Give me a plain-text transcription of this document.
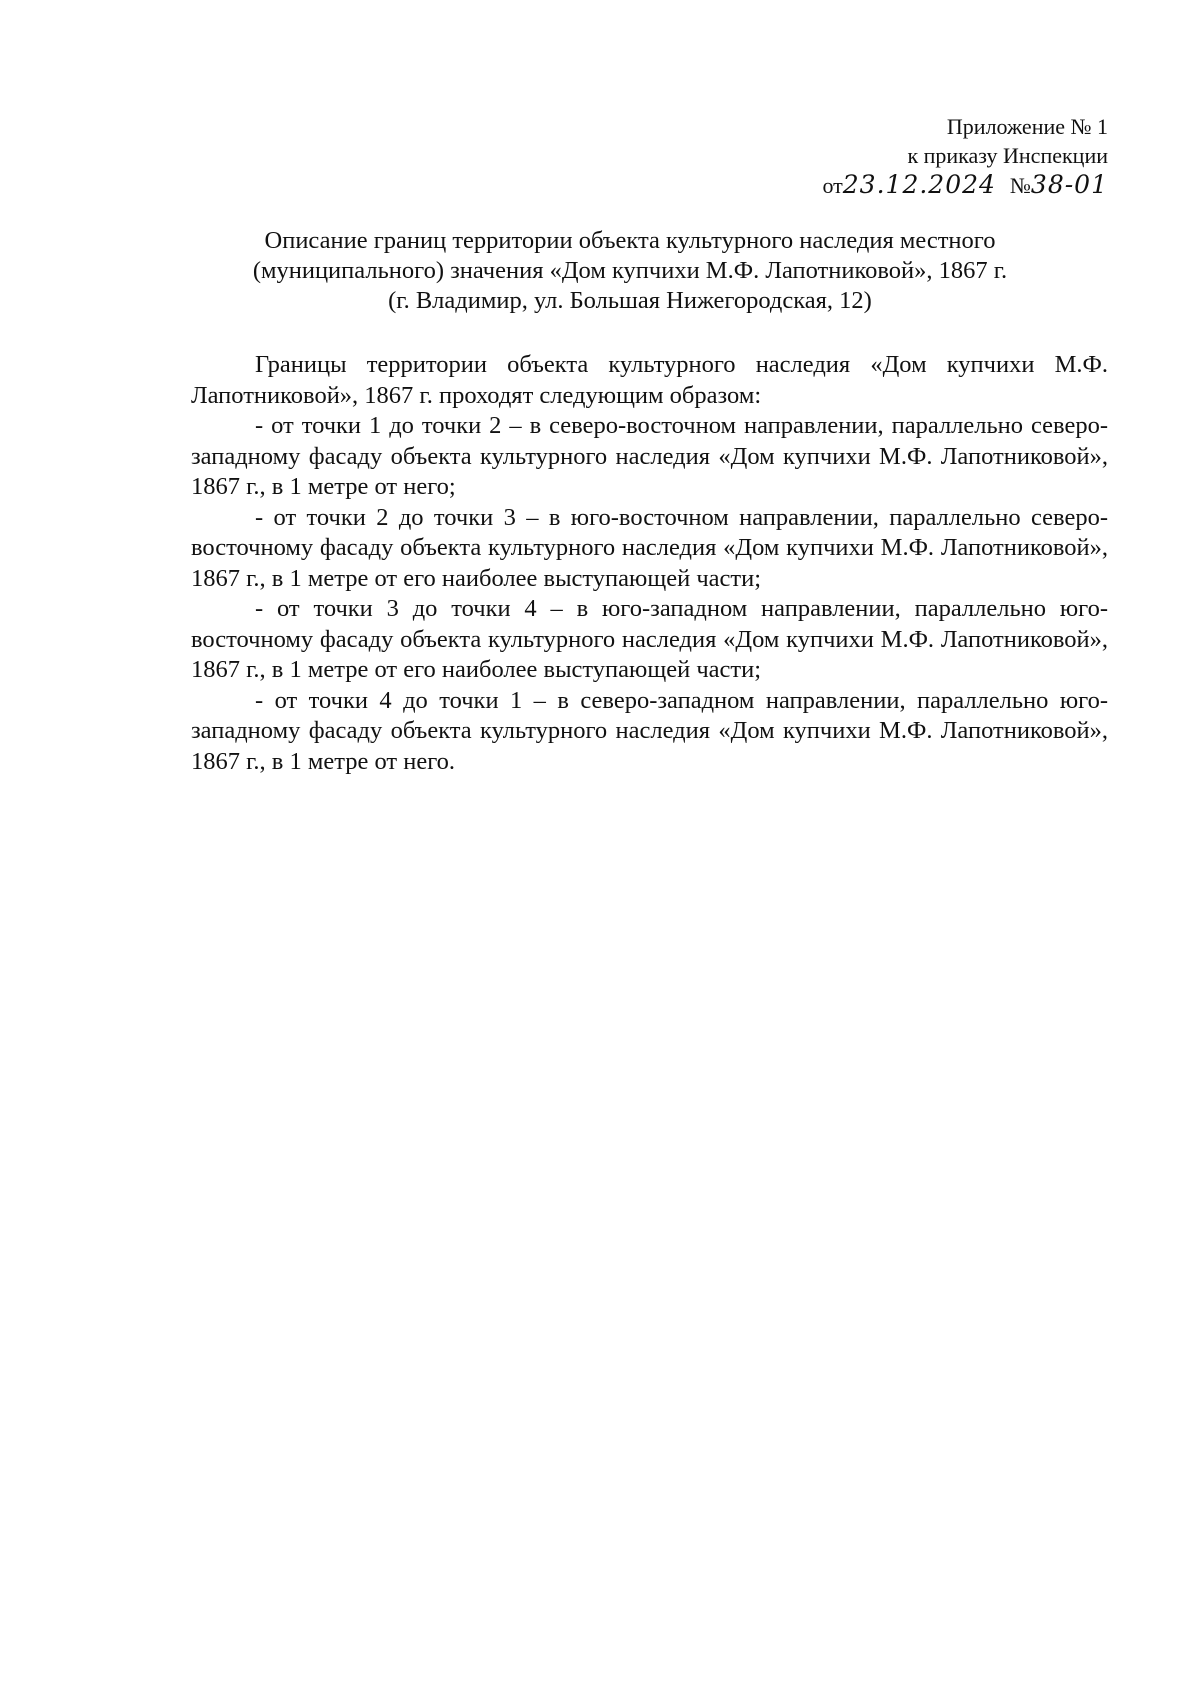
Приложение № 1
к приказу Инспекции
от23.12.2024 №38-01
Описание границ территории объекта культурного наследия местного
(муниципального) значения «Дом купчихи М.Ф. Лапотниковой», 1867 г.
(г. Владимир, ул. Большая Нижегородская, 12)

Границы территории объекта культурного наследия «Дом купчихи М.Ф. Лапотниковой», 1867 г. проходят следующим образом:

- от точки 1 до точки 2 – в северо-восточном направлении, параллельно северо-западному фасаду объекта культурного наследия «Дом купчихи М.Ф. Лапотниковой», 1867 г., в 1 метре от него;

- от точки 2 до точки 3 – в юго-восточном направлении, параллельно северо-восточному фасаду объекта культурного наследия «Дом купчихи М.Ф. Лапотниковой», 1867 г., в 1 метре от его наиболее выступающей части;

- от точки 3 до точки 4 – в юго-западном направлении, параллельно юго-восточному фасаду объекта культурного наследия «Дом купчихи М.Ф. Лапотниковой», 1867 г., в 1 метре от его наиболее выступающей части;

- от точки 4 до точки 1 – в северо-западном направлении, параллельно юго-западному фасаду объекта культурного наследия «Дом купчихи М.Ф. Лапотниковой», 1867 г., в 1 метре от него.
